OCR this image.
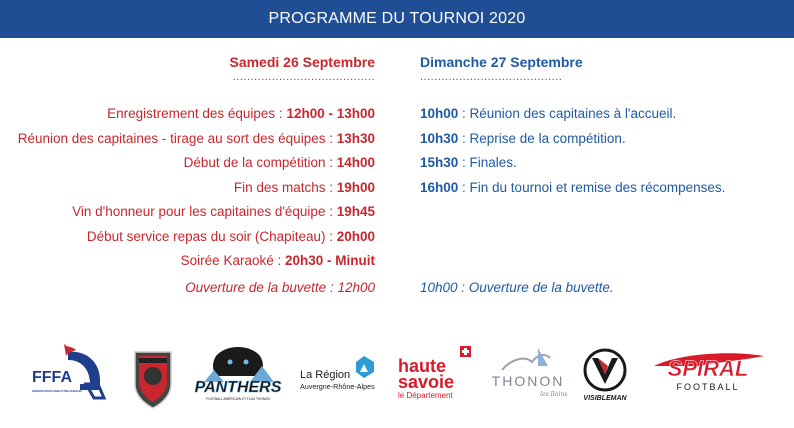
PROGRAMME DU TOURNOI 2020
Samedi 26 Septembre
........................................
Enregistrement des équipes : 12h00 - 13h00
Réunion des capitaines - tirage au sort des équipes : 13h30
Début de la compétition : 14h00
Fin des matchs : 19h00
Vin d'honneur pour les capitaines d'équipe : 19h45
Début service repas du soir (Chapiteau) : 20h00
Soirée Karaoké : 20h30 - Minuit
Dimanche 27 Septembre
........................................
10h00 : Réunion des capitaines à l'accueil.
10h30 : Reprise de la compétition.
15h30 : Finales.
16h00 : Fin du tournoi et remise des récompenses.
Ouverture de la buvette : 12h00	10h00 : Ouverture de la buvette.
FFFA
FÉDÉRATION FRANÇAISE FOOTBALL AMÉRICAIN	PANTHERS
FOOTBALL AMÉRICAIN ET FLAG THONON
La Région
Auvergne-Rhône-Alpes
haute
savoie
le Département
THONON
les Bains
VISIBLEMAN
SPIRAL
FOOTBALL
